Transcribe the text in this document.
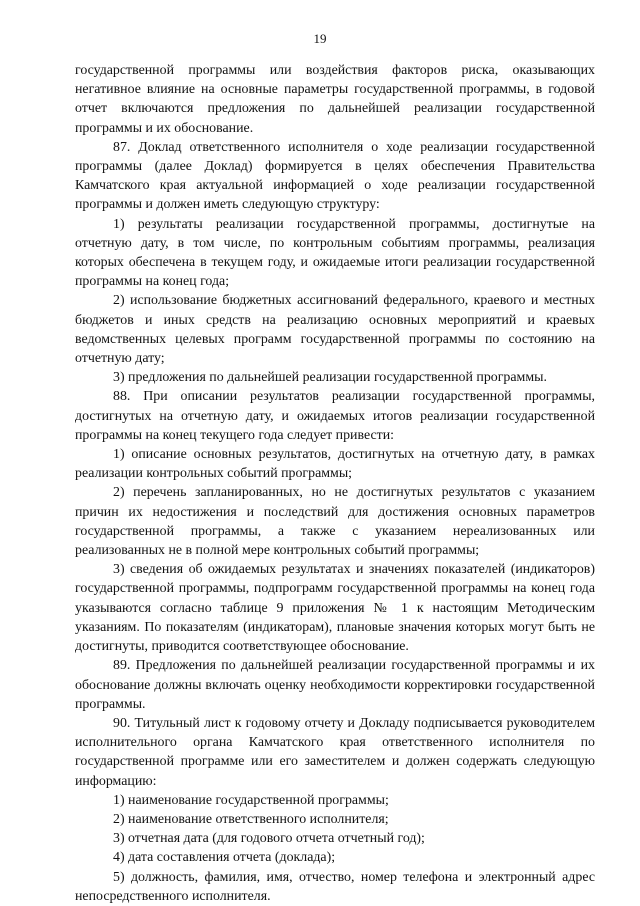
19

государственной программы или воздействия факторов риска, оказывающих негативное влияние на основные параметры государственной программы, в годовой отчет включаются предложения по дальнейшей реализации государственной программы и их обоснование.

87. Доклад ответственного исполнителя о ходе реализации государственной программы (далее Доклад) формируется в целях обеспечения Правительства Камчатского края актуальной информацией о ходе реализации государственной программы и должен иметь следующую структуру:

1) результаты реализации государственной программы, достигнутые на отчетную дату, в том числе, по контрольным событиям программы, реализация которых обеспечена в текущем году, и ожидаемые итоги реализации государственной программы на конец года;

2) использование бюджетных ассигнований федерального, краевого и местных бюджетов и иных средств на реализацию основных мероприятий и краевых ведомственных целевых программ государственной программы по состоянию на отчетную дату;

3) предложения по дальнейшей реализации государственной программы.

88. При описании результатов реализации государственной программы, достигнутых на отчетную дату, и ожидаемых итогов реализации государственной программы на конец текущего года следует привести:

1) описание основных результатов, достигнутых на отчетную дату, в рамках реализации контрольных событий программы;

2) перечень запланированных, но не достигнутых результатов с указанием причин их недостижения и последствий для достижения основных параметров государственной программы, а также с указанием нереализованных или реализованных не в полной мере контрольных событий программы;

3) сведения об ожидаемых результатах и значениях показателей (индикаторов) государственной программы, подпрограмм государственной программы на конец года указываются согласно таблице 9 приложения № 1 к настоящим Методическим указаниям. По показателям (индикаторам), плановые значения которых могут быть не достигнуты, приводится соответствующее обоснование.

89. Предложения по дальнейшей реализации государственной программы и их обоснование должны включать оценку необходимости корректировки государственной программы.

90. Титульный лист к годовому отчету и Докладу подписывается руководителем исполнительного органа Камчатского края ответственного исполнителя по государственной программе или его заместителем и должен содержать следующую информацию:

1) наименование государственной программы;

2) наименование ответственного исполнителя;

3) отчетная дата (для годового отчета отчетный год);

4) дата составления отчета (доклада);

5) должность, фамилия, имя, отчество, номер телефона и электронный адрес непосредственного исполнителя.
